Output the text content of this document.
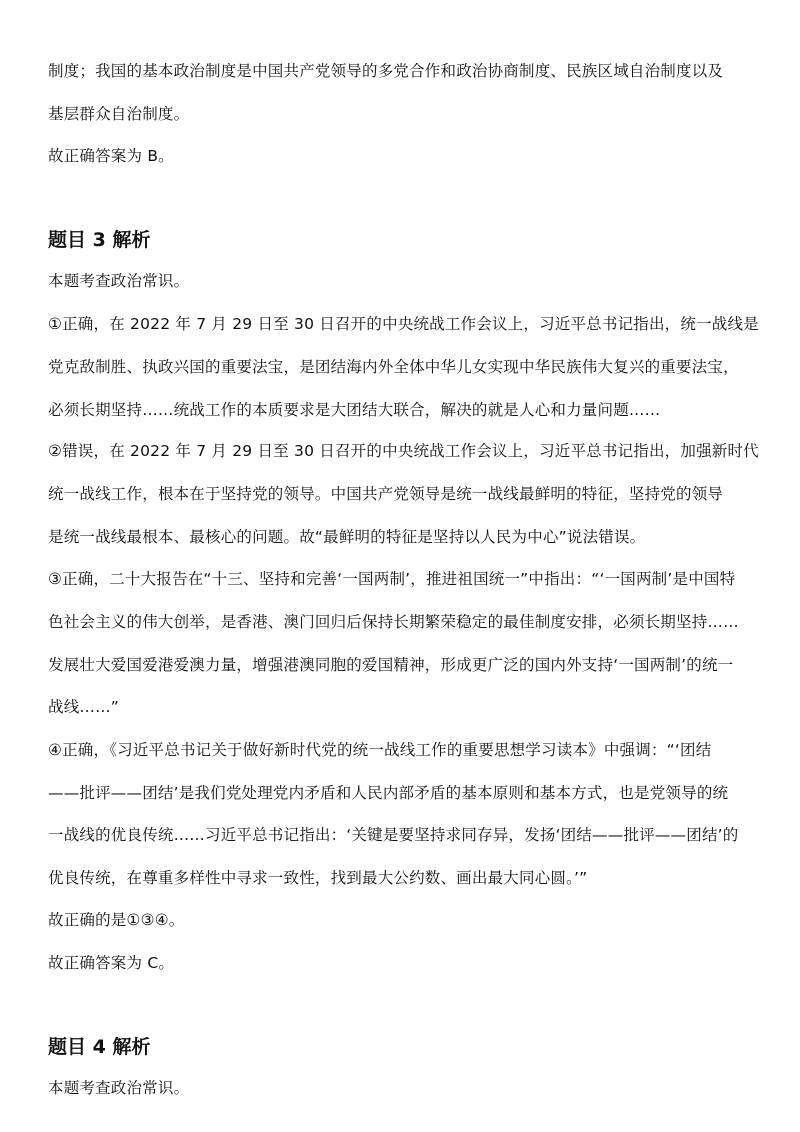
制度；我国的基本政治制度是中国共产党领导的多党合作和政治协商制度、民族区域自治制度以及
基层群众自治制度。
故正确答案为 B。
题目 3 解析
本题考查政治常识。
①正确，在 2022 年 7 月 29 日至 30 日召开的中央统战工作会议上，习近平总书记指出，统一战线是
党克敌制胜、执政兴国的重要法宝，是团结海内外全体中华儿女实现中华民族伟大复兴的重要法宝，
必须长期坚持……统战工作的本质要求是大团结大联合，解决的就是人心和力量问题……
②错误，在 2022 年 7 月 29 日至 30 日召开的中央统战工作会议上，习近平总书记指出，加强新时代
统一战线工作，根本在于坚持党的领导。中国共产党领导是统一战线最鲜明的特征，坚持党的领导
是统一战线最根本、最核心的问题。故“最鲜明的特征是坚持以人民为中心”说法错误。
③正确，二十大报告在“十三、坚持和完善‘一国两制’，推进祖国统一”中指出：“‘一国两制’是中国特
色社会主义的伟大创举，是香港、澳门回归后保持长期繁荣稳定的最佳制度安排，必须长期坚持……
发展壮大爱国爱港爱澳力量，增强港澳同胞的爱国精神，形成更广泛的国内外支持‘一国两制’的统一
战线……”
④正确，《习近平总书记关于做好新时代党的统一战线工作的重要思想学习读本》中强调：“‘团结
——批评——团结’是我们党处理党内矛盾和人民内部矛盾的基本原则和基本方式，也是党领导的统
一战线的优良传统……习近平总书记指出：‘关键是要坚持求同存异，发扬‘团结——批评——团结’的
优良传统，在尊重多样性中寻求一致性，找到最大公约数、画出最大同心圆。’”
故正确的是①③④。
故正确答案为 C。
题目 4 解析
本题考查政治常识。
